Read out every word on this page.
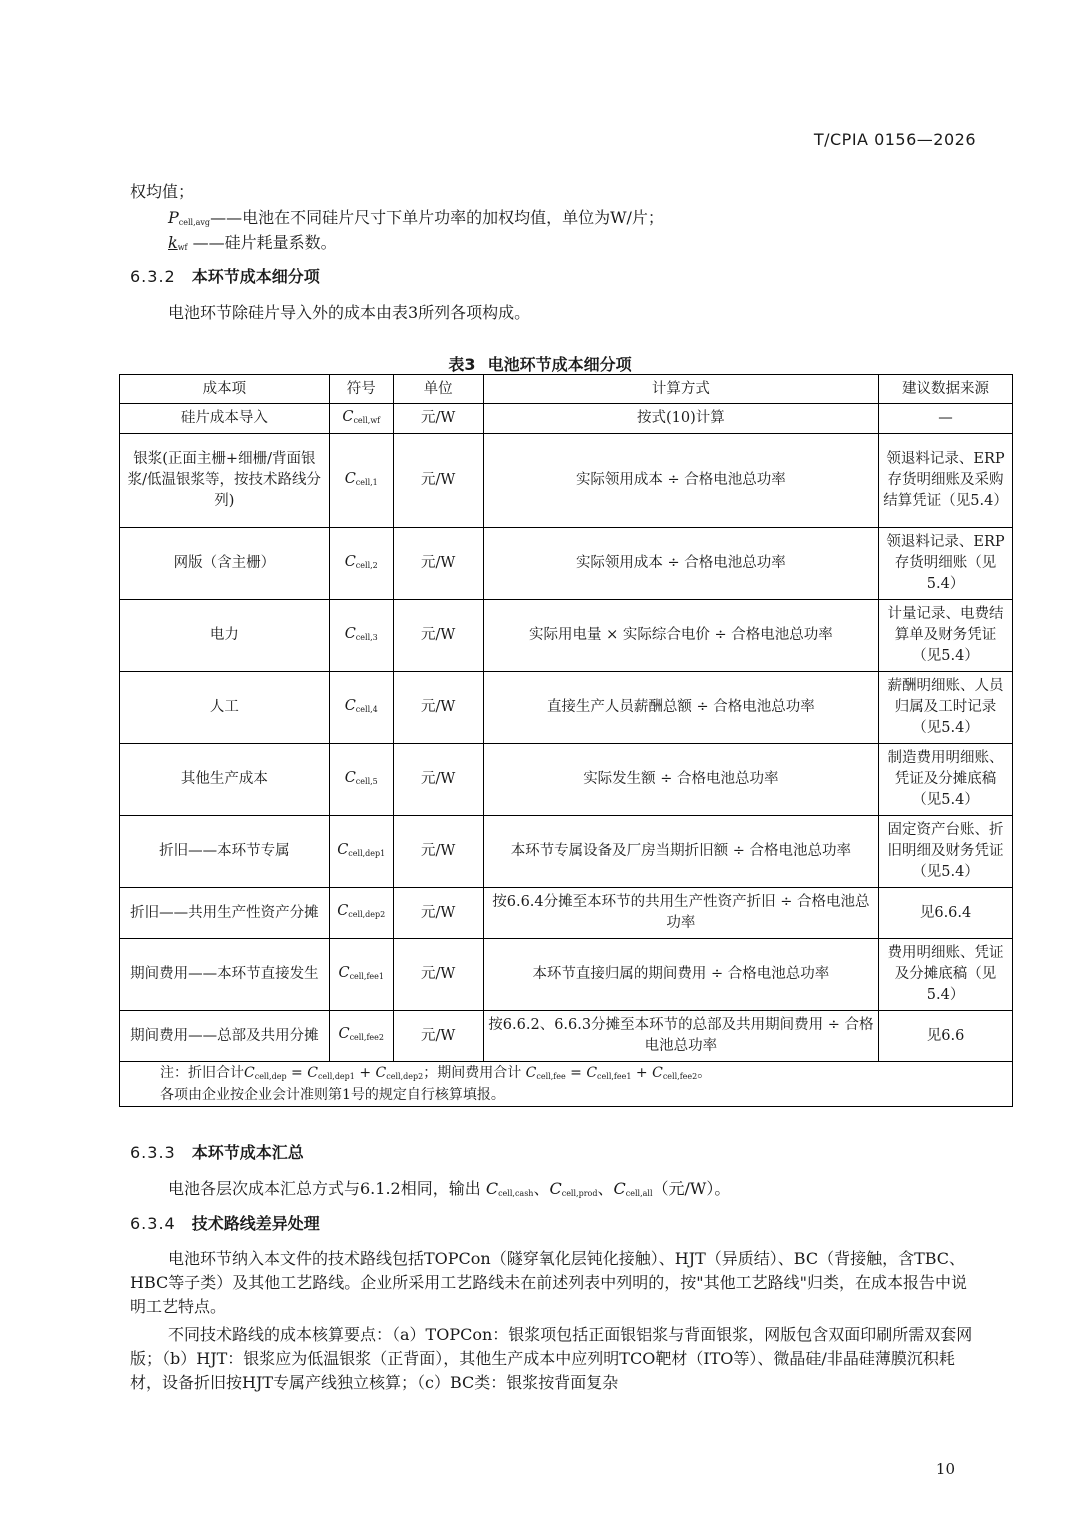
T/CPIA 0156—2026
权均值；
$P_{cell,avg}——$电池在不同硅片尺寸下单片功率的加权均值，单位为W/片；
$k_{wf}$ ——硅片耗量系数。
6.3.2 本环节成本细分项
电池环节除硅片导入外的成本由表3所列各项构成。
表3 电池环节成本细分项
成本项	符号	单位	计算方式	建议数据来源
硅片成本导入	$C_{cell,wf}$	元/W	按式(10)计算	—
银浆(正面主栅+细栅/背面银浆/低温银浆等，按技术路线分列)	$C_{cell,1}$	元/W	实际领用成本 ÷ 合格电池总功率	领退料记录、ERP存货明细账及采购结算凭证（见5.4）
网版（含主栅）	$C_{cell,2}$	元/W	实际领用成本 ÷ 合格电池总功率	领退料记录、ERP存货明细账（见5.4）
电力	$C_{cell,3}$	元/W	实际用电量 × 实际综合电价 ÷ 合格电池总功率	计量记录、电费结算单及财务凭证（见5.4）
人工	$C_{cell,4}$	元/W	直接生产人员薪酬总额 ÷ 合格电池总功率	薪酬明细账、人员归属及工时记录（见5.4）
其他生产成本	$C_{cell,5}$	元/W	实际发生额 ÷ 合格电池总功率	制造费用明细账、凭证及分摊底稿（见5.4）
折旧——本环节专属	$C_{cell,dep1}$	元/W	本环节专属设备及厂房当期折旧额 ÷ 合格电池总功率	固定资产台账、折旧明细及财务凭证（见5.4）
折旧——共用生产性资产分摊	$C_{cell,dep2}$	元/W	按6.6.4分摊至本环节的共用生产性资产折旧 ÷ 合格电池总功率	见6.6.4
期间费用——本环节直接发生	$C_{cell,fee1}$	元/W	本环节直接归属的期间费用 ÷ 合格电池总功率	费用明细账、凭证及分摊底稿（见5.4）
期间费用——总部及共用分摊	$C_{cell,fee2}$	元/W	按6.6.2、6.6.3分摊至本环节的总部及共用期间费用 ÷ 合格电池总功率	见6.6

注：折旧合计$C_{cell,dep} = C_{cell,dep1} + C_{cell,dep2}$；期间费用合计 $C_{cell,fee} = C_{cell,fee1} + C_{cell,fee2}$。
各项由企业按企业会计准则第1号的规定自行核算填报。				
6.3.3 本环节成本汇总
电池各层次成本汇总方式与6.1.2相同，输出 $C_{cell,cash}$、$C_{cell,prod}$、$C_{cell,all}$（元/W）。
6.3.4 技术路线差异处理
电池环节纳入本文件的技术路线包括TOPCon（隧穿氧化层钝化接触）、HJT（异质结）、BC（背接触，含TBC、HBC等子类）及其他工艺路线。企业所采用工艺路线未在前述列表中列明的，按"其他工艺路线"归类，在成本报告中说明工艺特点。
不同技术路线的成本核算要点：（a）TOPCon：银浆项包括正面银铝浆与背面银浆，网版包含双面印刷所需双套网版；（b）HJT：银浆应为低温银浆（正背面），其他生产成本中应列明TCO靶材（ITO等）、微晶硅/非晶硅薄膜沉积耗材，设备折旧按HJT专属产线独立核算；（c）BC类：银浆按背面复杂
10
